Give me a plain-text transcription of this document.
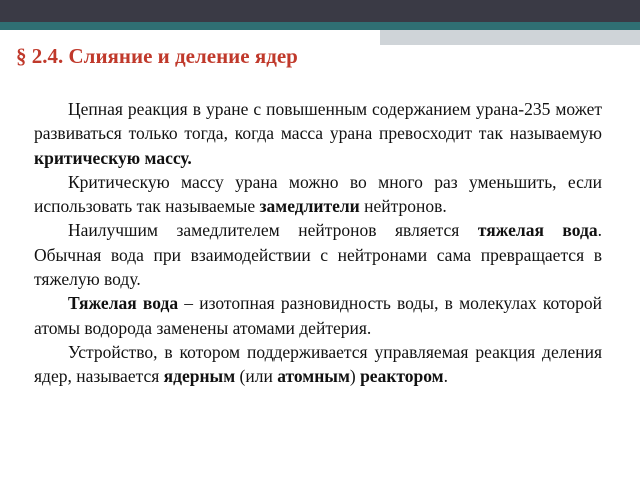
§ 2.4. Слияние и деление ядер

Цепная реакция в уране с повышенным содержанием урана-235 может развиваться только тогда, когда масса урана превосходит так называемую критическую массу.

Критическую массу урана можно во много раз уменьшить, если использовать так называемые замедлители нейтронов.

Наилучшим замедлителем нейтронов является тяжелая вода. Обычная вода при взаимодействии с нейтронами сама превращается в тяжелую воду.

Тяжелая вода – изотопная разновидность воды, в молекулах которой атомы водорода заменены атомами дейтерия.

Устройство, в котором поддерживается управляемая реакция деления ядер, называется ядерным (или атомным) реактором.
